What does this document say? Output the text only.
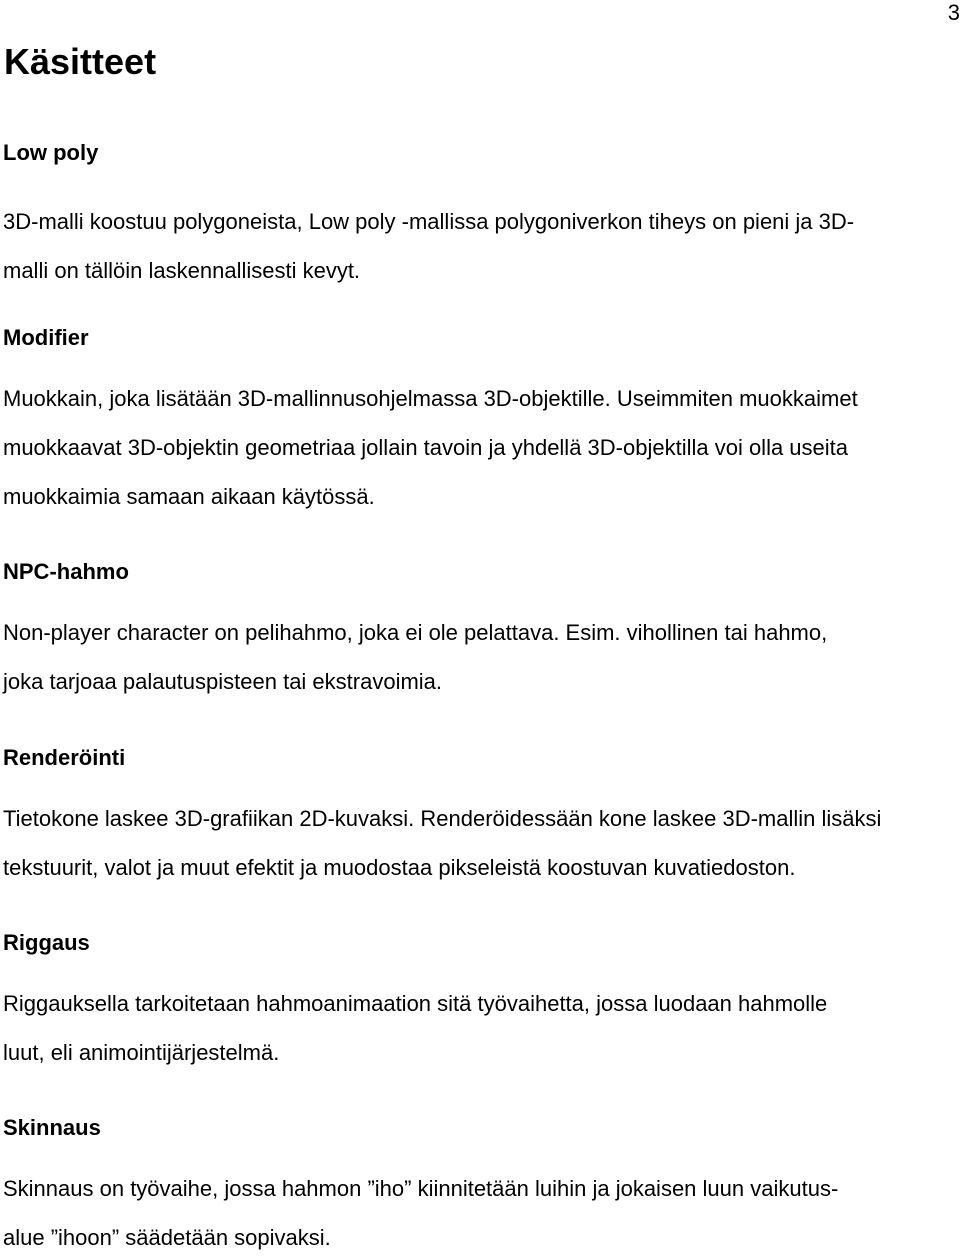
3
Käsitteet

Low poly

3D-malli koostuu polygoneista, Low poly -mallissa polygoniverkon tiheys on pieni ja 3D-
malli on tällöin laskennallisesti kevyt.

Modifier

Muokkain, joka lisätään 3D-mallinnusohjelmassa 3D-objektille. Useimmiten muokkaimet
muokkaavat 3D-objektin geometriaa jollain tavoin ja yhdellä 3D-objektilla voi olla useita
muokkaimia samaan aikaan käytössä.

NPC-hahmo

Non-player character on pelihahmo, joka ei ole pelattava. Esim. vihollinen tai hahmo,
joka tarjoaa palautuspisteen tai ekstravoimia.

Renderöinti

Tietokone laskee 3D-grafiikan 2D-kuvaksi. Renderöidessään kone laskee 3D-mallin lisäksi
tekstuurit, valot ja muut efektit ja muodostaa pikseleistä koostuvan kuvatiedoston.

Riggaus

Riggauksella tarkoitetaan hahmoanimaation sitä työvaihetta, jossa luodaan hahmolle
luut, eli animointijärjestelmä.

Skinnaus

Skinnaus on työvaihe, jossa hahmon ”iho” kiinnitetään luihin ja jokaisen luun vaikutus-
alue ”ihoon” säädetään sopivaksi.
